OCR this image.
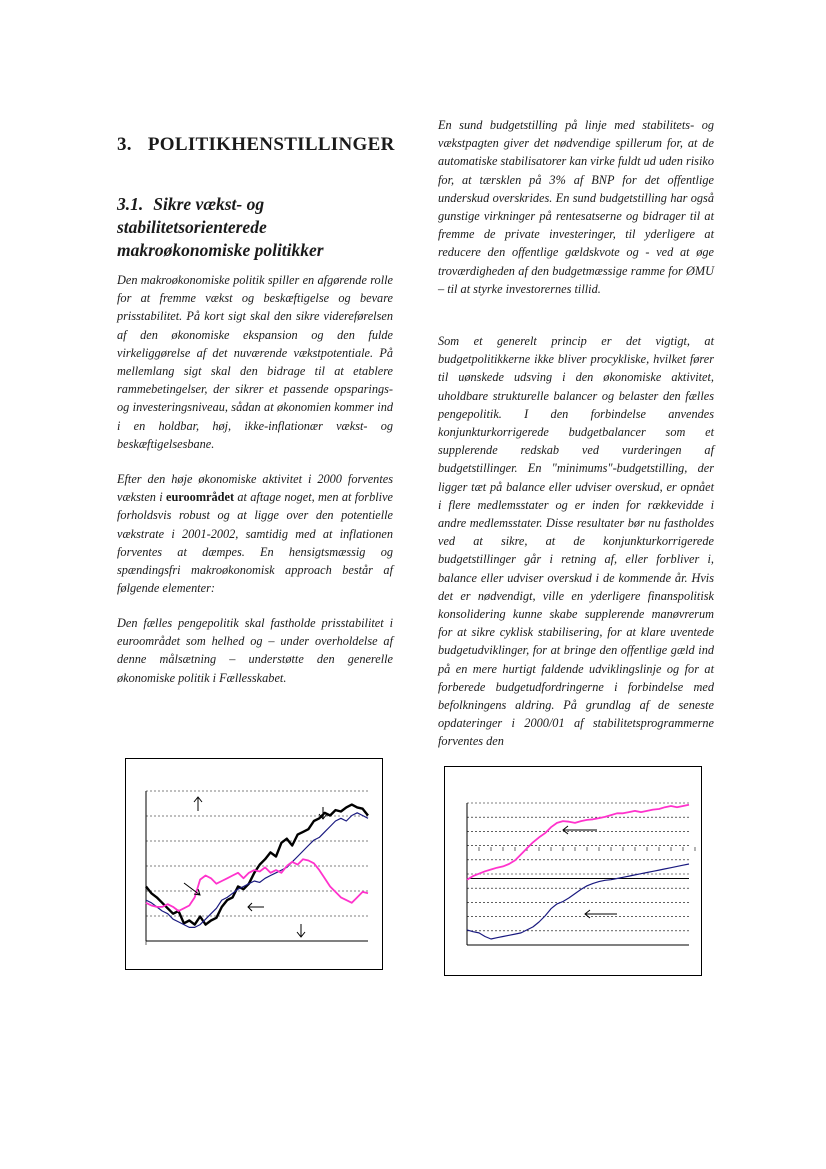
3. POLITIKHENSTILLINGER
3.1. Sikre vækst- og stabilitetsorienterede makroøkonomiske politikker

Den makroøkonomiske politik spiller en afgørende rolle for at fremme vækst og beskæftigelse og bevare prisstabilitet. På kort sigt skal den sikre videreførelsen af den økonomiske ekspansion og den fulde virkeliggørelse af det nuværende vækstpotentiale. På mellemlang sigt skal den bidrage til at etablere rammebetingelser, der sikrer et passende opsparings- og investeringsniveau, sådan at økonomien kommer ind i en holdbar, høj, ikke-inflationær vækst- og beskæftigelsesbane.

Efter den høje økonomiske aktivitet i 2000 forventes væksten i euroområdet at aftage noget, men at forblive forholdsvis robust og at ligge over den potentielle vækstrate i 2001-2002, samtidig med at inflationen forventes at dæmpes. En hensigtsmæssig og spændingsfri makroøkonomisk approach består af følgende elementer:

Den fælles pengepolitik skal fastholde prisstabilitet i euroområdet som helhed og – under overholdelse af denne målsætning – understøtte den generelle økonomiske politik i Fællesskabet.

En sund budgetstilling på linje med stabilitets- og vækstpagten giver det nødvendige spillerum for, at de automatiske stabilisatorer kan virke fuldt ud uden risiko for, at tærsklen på 3% af BNP for det offentlige underskud overskrides. En sund budgetstilling har også gunstige virkninger på rentesatserne og bidrager til at fremme de private investeringer, til yderligere at reducere den offentlige gældskvote og - ved at øge troværdigheden af den budgetmæssige ramme for ØMU – til at styrke investorernes tillid.

Som et generelt princip er det vigtigt, at budgetpolitikkerne ikke bliver procykliske, hvilket fører til uønskede udsving i den økonomiske aktivitet, uholdbare strukturelle balancer og belaster den fælles pengepolitik. I den forbindelse anvendes konjunkturkorrigerede budgetbalancer som et supplerende redskab ved vurderingen af budgetstillinger. En "minimums"-budgetstilling, der ligger tæt på balance eller udviser overskud, er opnået i flere medlemsstater og er inden for rækkevidde i andre medlemsstater. Disse resultater bør nu fastholdes ved at sikre, at de konjunkturkorrigerede budgetstillinger går i retning af, eller forbliver i, balance eller udviser overskud i de kommende år. Hvis det er nødvendigt, ville en yderligere finanspolitisk konsolidering kunne skabe supplerende manøvrerum for at sikre cyklisk stabilisering, for at klare uventede budgetudviklinger, for at bringe den offentlige gæld ind på en mere hurtigt faldende udviklingslinje og for at forberede budgetudfordringerne i forbindelse med befolkningens aldring. På grundlag af de seneste opdateringer i 2000/01 af stabilitetsprogrammerne forventes den
